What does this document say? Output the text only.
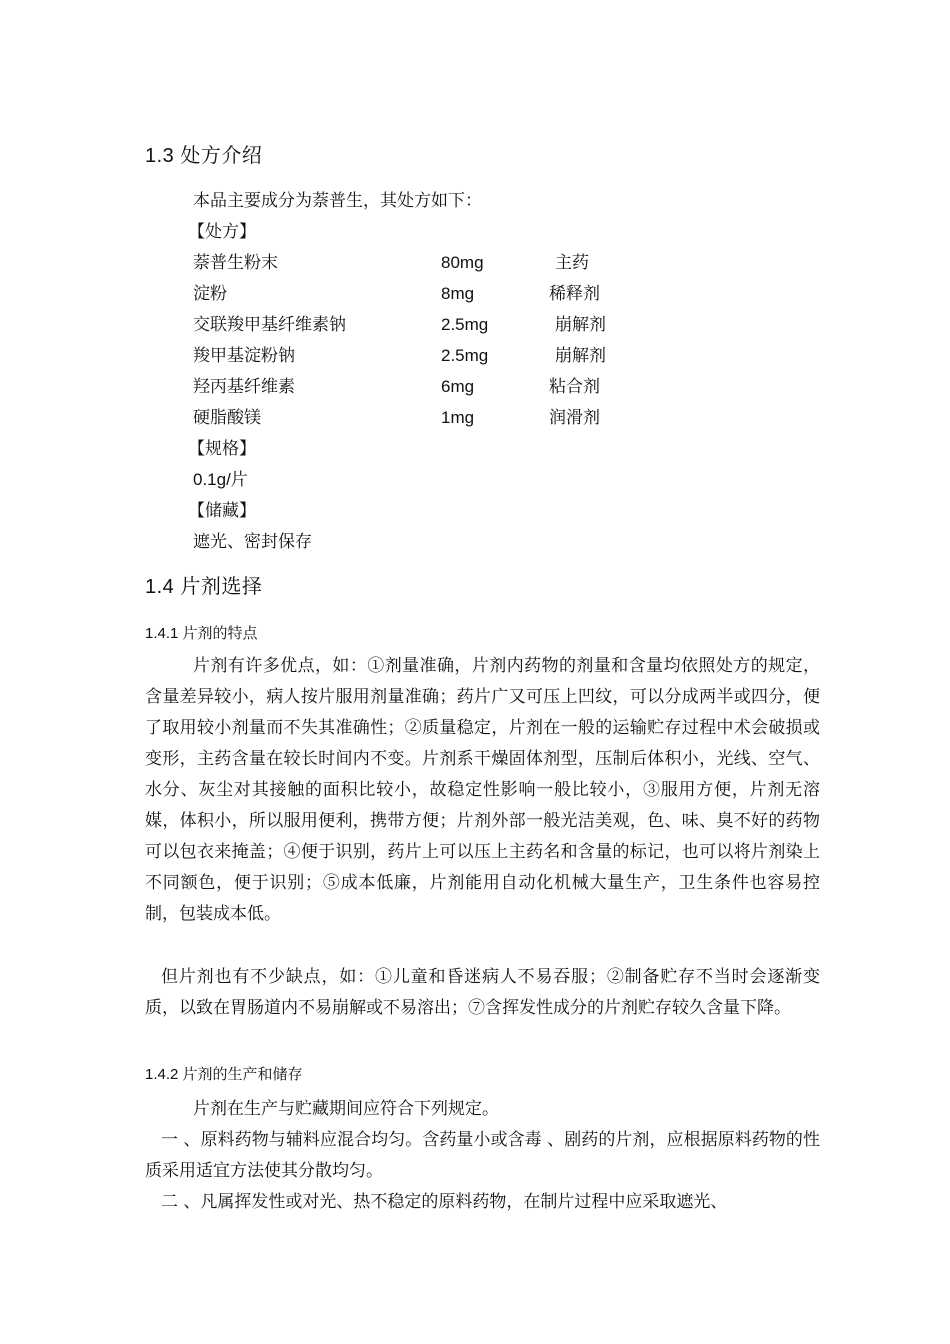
1.3 处方介绍
本品主要成分为萘普生，其处方如下：
【处方】
萘普生粉末	80mg	主药
淀粉	8mg	稀释剂
交联羧甲基纤维素钠	2.5mg	崩解剂
羧甲基淀粉钠	2.5mg	崩解剂
羟丙基纤维素	6mg	粘合剂
硬脂酸镁	1mg	润滑剂
【规格】
0.1g/片
【储藏】
遮光、密封保存
1.4 片剂选择
1.4.1 片剂的特点

片剂有许多优点，如：①剂量准确，片剂内药物的剂量和含量均依照处方的规定，含量差异较小，病人按片服用剂量准确；药片广又可压上凹纹，可以分成两半或四分，便了取用较小剂量而不失其准确性；②质量稳定，片剂在一般的运输贮存过程中术会破损或变形，主药含量在较长时间内不变。片剂系干燥固体剂型，压制后体积小，光线、空气、水分、灰尘对其接触的面积比较小，故稳定性影响一般比较小，③服用方便，片剂无溶媒，体积小，所以服用便利，携带方便；片剂外部一般光洁美观，色、味、臭不好的药物可以包衣来掩盖；④便于识别，药片上可以压上主药名和含量的标记，也可以将片剂染上不同额色，便于识别；⑤成本低廉，片剂能用自动化机械大量生产，卫生条件也容易控制，包装成本低。

但片剂也有不少缺点，如：①儿童和昏迷病人不易吞服；②制备贮存不当时会逐渐变质，以致在胃肠道内不易崩解或不易溶出；⑦含挥发性成分的片剂贮存较久含量下降。

1.4.2 片剂的生产和储存

片剂在生产与贮藏期间应符合下列规定。

一 、原料药物与辅料应混合均匀。含药量小或含毒 、剧药的片剂，应根据原料药物的性质采用适宜方法使其分散均匀。

二 、凡属挥发性或对光、热不稳定的原料药物，在制片过程中应采取遮光、
